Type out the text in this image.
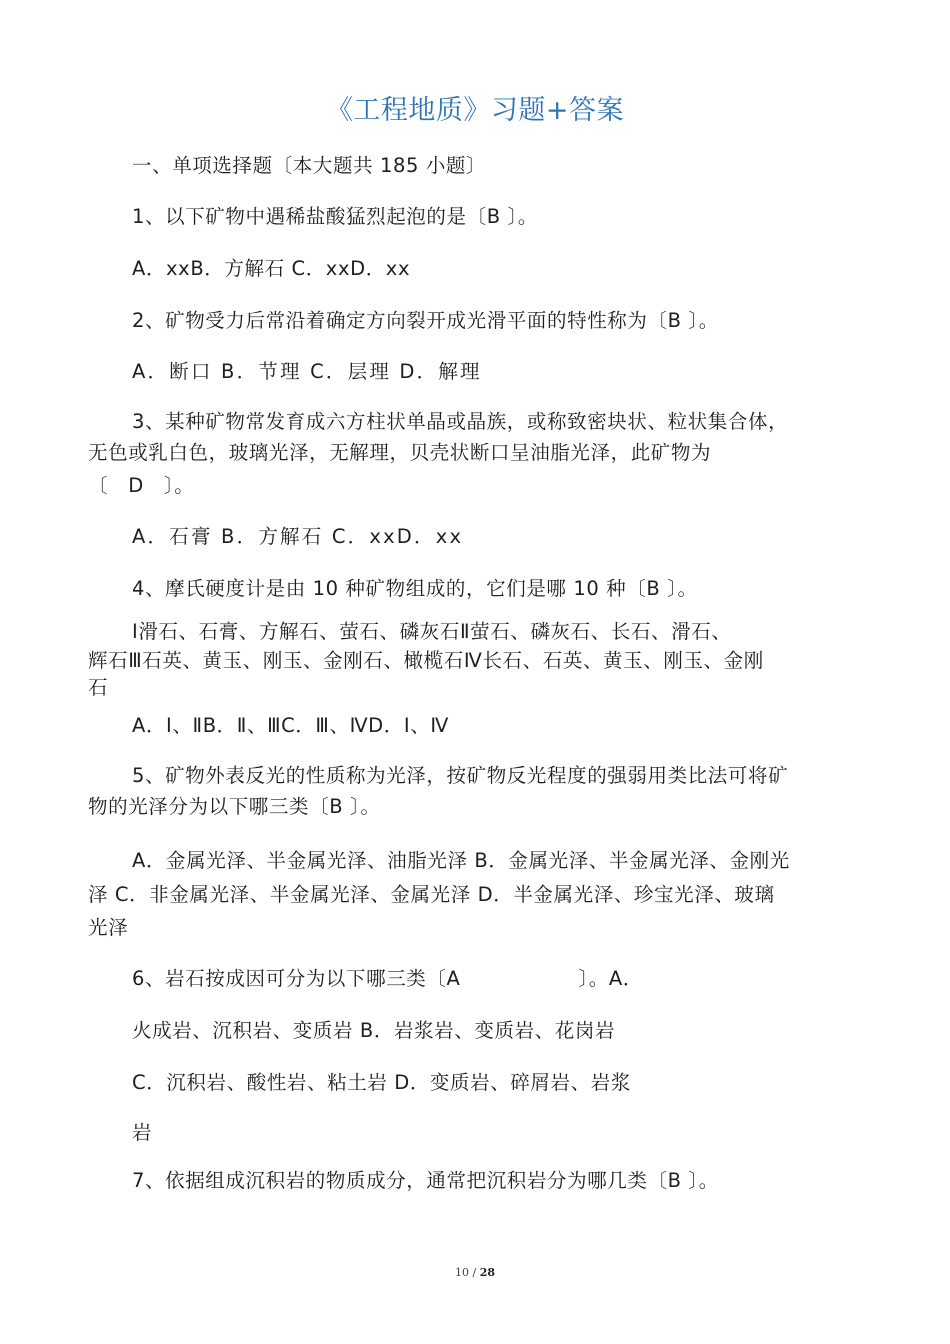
《工程地质》习题+答案
一、单项选择题〔本大题共 185 小题〕
1、以下矿物中遇稀盐酸猛烈起泡的是〔B 〕。
A．xxB．方解石 C．xxD．xx
2、矿物受力后常沿着确定方向裂开成光滑平面的特性称为〔B 〕。
A．断口 B．节理 C．层理 D．解理
3、某种矿物常发育成六方柱状单晶或晶族，或称致密块状、粒状集合体，
无色或乳白色，玻璃光泽，无解理，贝壳状断口呈油脂光泽，此矿物为
〔　D　〕。
A．石膏 B．方解石 C．xxD．xx
4、摩氏硬度计是由 10 种矿物组成的，它们是哪 10 种〔B 〕。
Ⅰ滑石、石膏、方解石、萤石、磷灰石Ⅱ萤石、磷灰石、长石、滑石、
辉石Ⅲ石英、黄玉、刚玉、金刚石、橄榄石Ⅳ长石、石英、黄玉、刚玉、金刚
石
A．Ⅰ、ⅡB．Ⅱ、ⅢC．Ⅲ、ⅣD．Ⅰ、Ⅳ
5、矿物外表反光的性质称为光泽，按矿物反光程度的强弱用类比法可将矿
物的光泽分为以下哪三类〔B 〕。
A．金属光泽、半金属光泽、油脂光泽 B．金属光泽、半金属光泽、金刚光
泽 C．非金属光泽、半金属光泽、金属光泽 D．半金属光泽、珍宝光泽、玻璃
光泽
6、岩石按成因可分为以下哪三类〔A	〕。A．
火成岩、沉积岩、变质岩 B．岩浆岩、变质岩、花岗岩
C．沉积岩、酸性岩、粘土岩 D．变质岩、碎屑岩、岩浆
岩
7、依据组成沉积岩的物质成分，通常把沉积岩分为哪几类〔B 〕。
10 / 28
